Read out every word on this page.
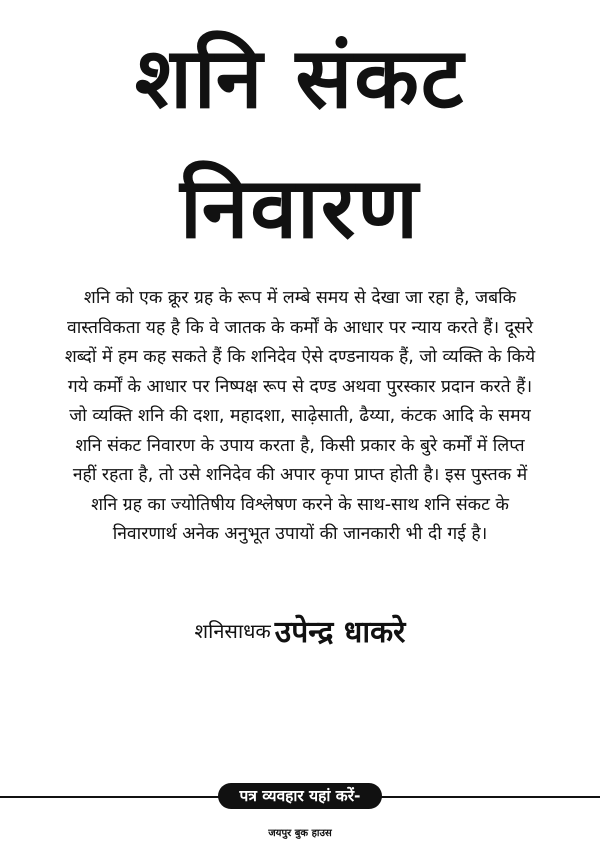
शनि संकट
निवारण
शनि को एक क्रूर ग्रह के रूप में लम्बे समय से देखा जा रहा है, जबकि
वास्तविकता यह है कि वे जातक के कर्मों के आधार पर न्याय करते हैं। दूसरे
शब्दों में हम कह सकते हैं कि शनिदेव ऐसे दण्डनायक हैं, जो व्यक्ति के किये
गये कर्मों के आधार पर निष्पक्ष रूप से दण्ड अथवा पुरस्कार प्रदान करते हैं।
जो व्यक्ति शनि की दशा, महादशा, साढ़ेसाती, ढैय्या, कंटक आदि के समय
शनि संकट निवारण के उपाय करता है, किसी प्रकार के बुरे कर्मों में लिप्त
नहीं रहता है, तो उसे शनिदेव की अपार कृपा प्राप्त होती है। इस पुस्तक में
शनि ग्रह का ज्योतिषीय विश्लेषण करने के साथ-साथ शनि संकट के
निवारणार्थ अनेक अनुभूत उपायों की जानकारी भी दी गई है।
शनिसाधक उपेन्द्र धाकरे
पत्र व्यवहार यहां करें-
जयपुर बुक हाउस
